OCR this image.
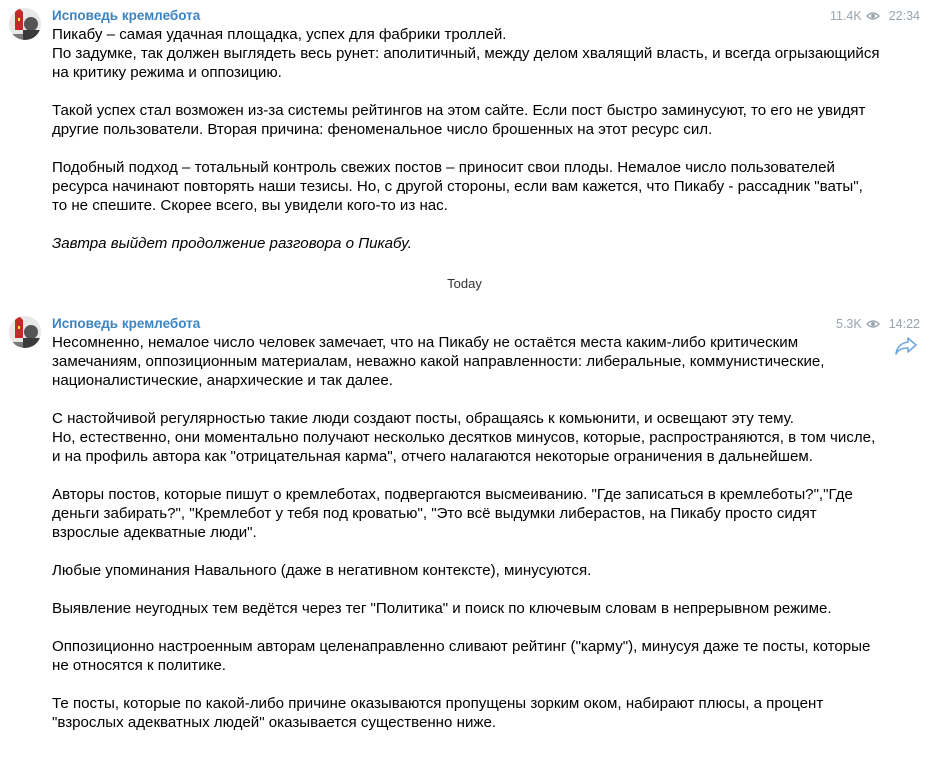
Исповедь кремлебота	11.4K 22:34

Пикабу – самая удачная площадка, успех для фабрики троллей.
По задумке, так должен выглядеть весь рунет: аполитичный, между делом хвалящий власть, и всегда огрызающийся на критику режима и оппозицию.

Такой успех стал возможен из-за системы рейтингов на этом сайте. Если пост быстро заминусуют, то его не увидят другие пользователи. Вторая причина: феноменальное число брошенных на этот ресурс сил.

Подобный подход – тотальный контроль свежих постов – приносит свои плоды. Немалое число пользователей ресурса начинают повторять наши тезисы. Но, с другой стороны, если вам кажется, что Пикабу - рассадник "ваты", то не спешите. Скорее всего, вы увидели кого-то из нас.

Завтра выйдет продолжение разговора о Пикабу.

Today
Исповедь кремлебота	5.3K 14:22

Несомненно, немалое число человек замечает, что на Пикабу не остаётся места каким-либо критическим замечаниям, оппозиционным материалам, неважно какой направленности: либеральные, коммунистические, националистические, анархические и так далее.

С настойчивой регулярностью такие люди создают посты, обращаясь к комьюнити, и освещают эту тему.
Но, естественно, они моментально получают несколько десятков минусов, которые, распространяются, в том числе, и на профиль автора как "отрицательная карма", отчего налагаются некоторые ограничения в дальнейшем.

Авторы постов, которые пишут о кремлеботах, подвергаются высмеиванию. "Где записаться в кремлеботы?","Где деньги забирать?", "Кремлебот у тебя под кроватью", "Это всё выдумки либерастов, на Пикабу просто сидят взрослые адекватные люди".

Любые упоминания Навального (даже в негативном контексте), минусуются.

Выявление неугодных тем ведётся через тег "Политика" и поиск по ключевым словам в непрерывном режиме.

Оппозиционно настроенным авторам целенаправленно сливают рейтинг ("карму"), минусуя даже те посты, которые не относятся к политике.

Те посты, которые по какой-либо причине оказываются пропущены зорким оком, набирают плюсы, а процент "взрослых адекватных людей" оказывается существенно ниже.
